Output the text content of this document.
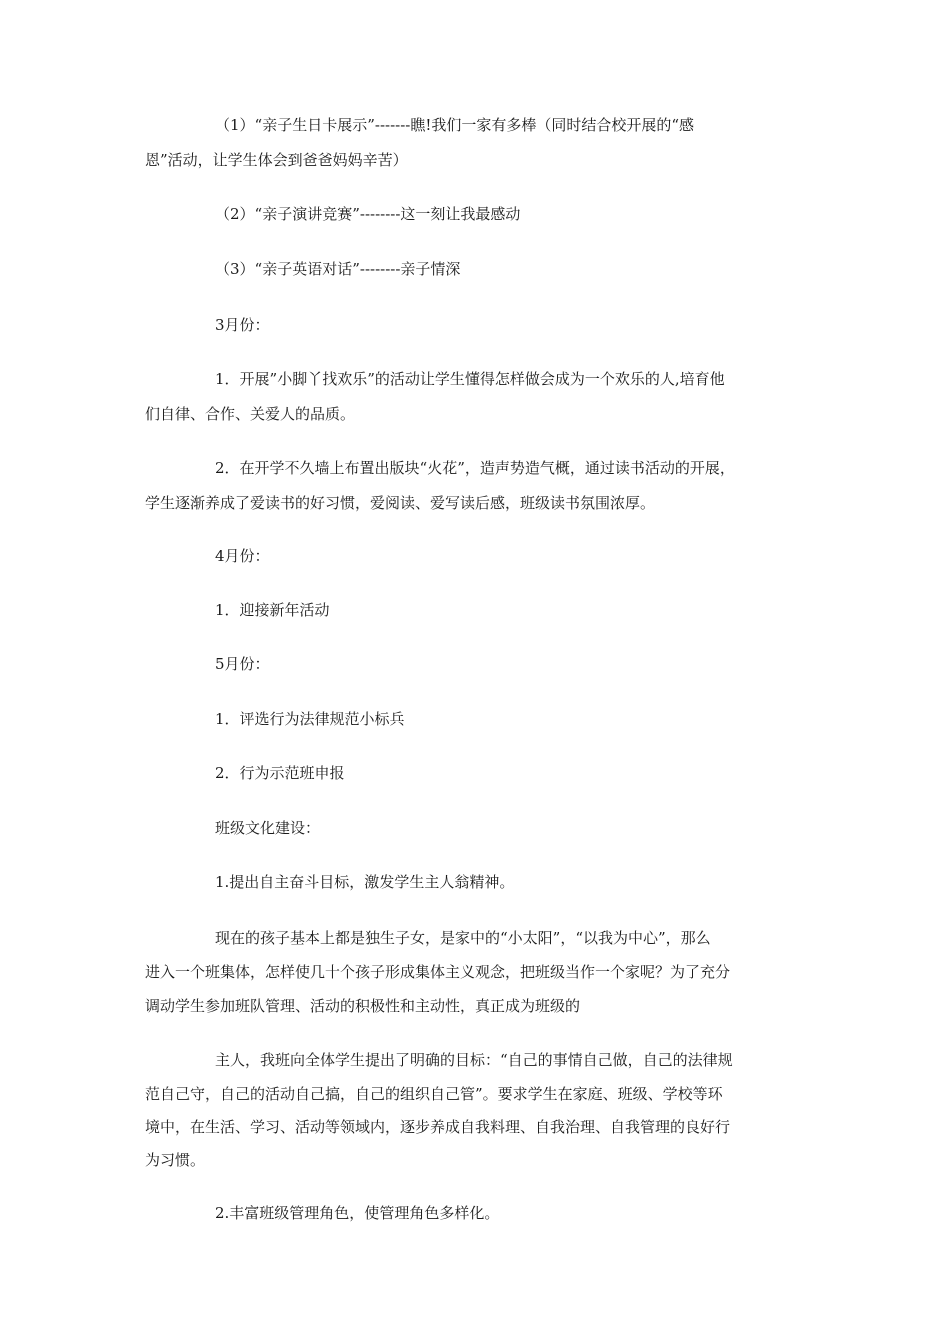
（1）“亲子生日卡展示”-------瞧!我们一家有多棒（同时结合校开展的“感

恩”活动，让学生体会到爸爸妈妈辛苦）

（2）“亲子演讲竞赛”--------这一刻让我最感动

（3）“亲子英语对话”--------亲子情深

3月份：

1．开展”小脚丫找欢乐”的活动让学生懂得怎样做会成为一个欢乐的人,培育他

们自律、合作、关爱人的品质。

2．在开学不久墙上布置出版块“火花”，造声势造气概，通过读书活动的开展，

学生逐渐养成了爱读书的好习惯，爱阅读、爱写读后感，班级读书氛围浓厚。

4月份：

1．迎接新年活动

5月份：

1．评选行为法律规范小标兵

2．行为示范班申报

班级文化建设：

1.提出自主奋斗目标，激发学生主人翁精神。

现在的孩子基本上都是独生子女，是家中的“小太阳”，“以我为中心”，那么

进入一个班集体，怎样使几十个孩子形成集体主义观念，把班级当作一个家呢？为了充分

调动学生参加班队管理、活动的积极性和主动性，真正成为班级的

主人，我班向全体学生提出了明确的目标：“自己的事情自己做，自己的法律规

范自己守，自己的活动自己搞，自己的组织自己管”。要求学生在家庭、班级、学校等环

境中，在生活、学习、活动等领域内，逐步养成自我料理、自我治理、自我管理的良好行

为习惯。

2.丰富班级管理角色，使管理角色多样化。
